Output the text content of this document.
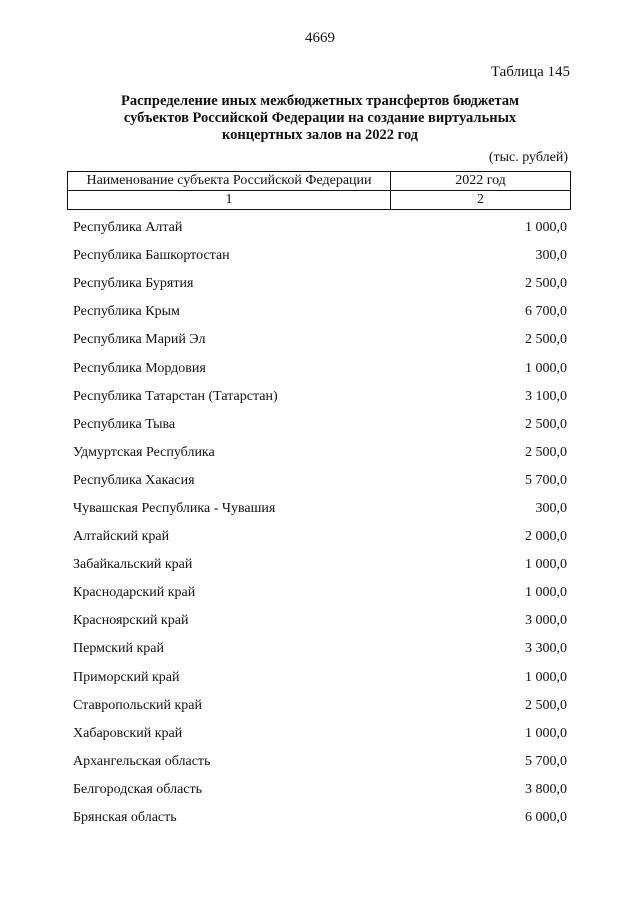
4669
Таблица 145
Распределение иных межбюджетных трансфертов бюджетам
субъектов Российской Федерации на создание виртуальных
концертных залов на 2022 год
(тыс. рублей)
Наименование субъекта Российской Федерации	2022 год
1	2
Республика Алтай	1 000,0
Республика Башкортостан	300,0
Республика Бурятия	2 500,0
Республика Крым	6 700,0
Республика Марий Эл	2 500,0
Республика Мордовия	1 000,0
Республика Татарстан (Татарстан)	3 100,0
Республика Тыва	2 500,0
Удмуртская Республика	2 500,0
Республика Хакасия	5 700,0
Чувашская Республика - Чувашия	300,0
Алтайский край	2 000,0
Забайкальский край	1 000,0
Краснодарский край	1 000,0
Красноярский край	3 000,0
Пермский край	3 300,0
Приморский край	1 000,0
Ставропольский край	2 500,0
Хабаровский край	1 000,0
Архангельская область	5 700,0
Белгородская область	3 800,0
Брянская область	6 000,0
